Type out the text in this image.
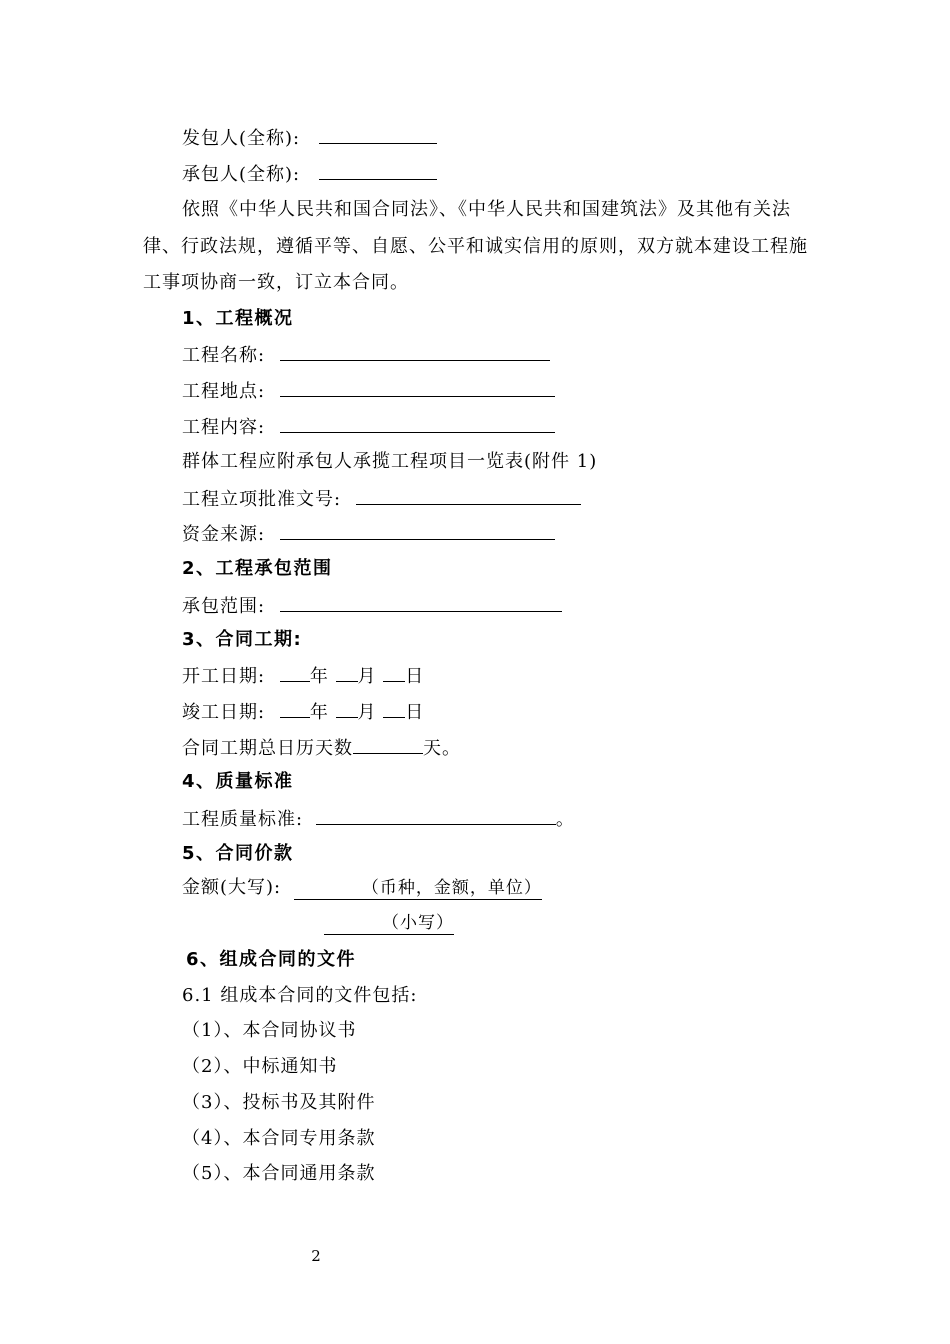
发包人(全称):
承包人(全称):
依照《中华人民共和国合同法》、《中华人民共和国建筑法》及其他有关法
律、行政法规，遵循平等、自愿、公平和诚实信用的原则，双方就本建设工程施
工事项协商一致，订立本合同。
1、工程概况
工程名称:
工程地点:
工程内容:
群体工程应附承包人承揽工程项目一览表(附件 1)
工程立项批准文号:
资金来源:
2、工程承包范围
承包范围:
3、合同工期:
开工日期: 年 月 日
竣工日期: 年 月 日
合同工期总日历天数	天。
4、质量标准
工程质量标准:	。
5、合同价款
金额(大写):	（币种，金额，单位）
（小写）
6、组成合同的文件
6.1 组成本合同的文件包括:
（1）、本合同协议书
（2）、中标通知书
（3）、投标书及其附件
（4）、本合同专用条款
（5）、本合同通用条款
2
